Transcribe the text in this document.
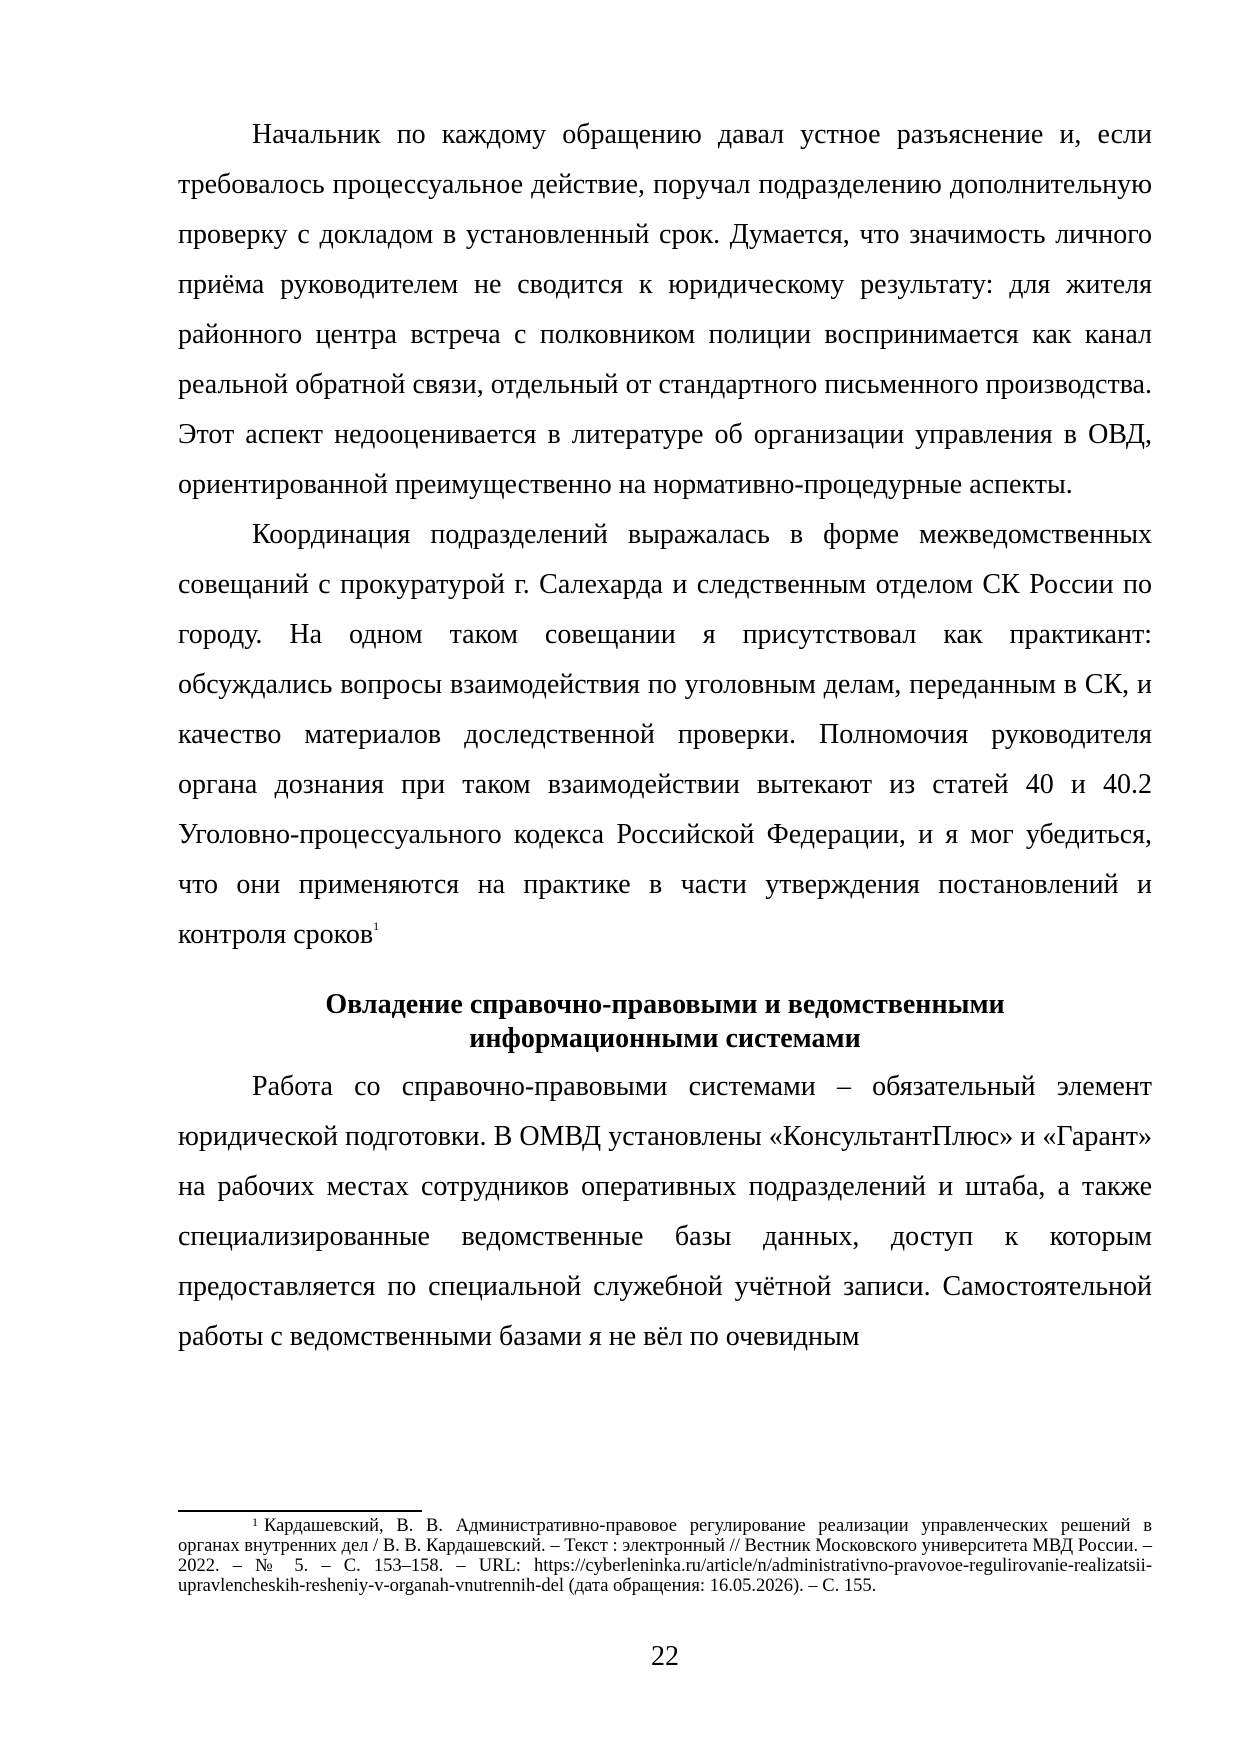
Начальник по каждому обращению давал устное разъяснение и, если требовалось процессуальное действие, поручал подразделению дополнительную проверку с докладом в установленный срок. Думается, что значимость личного приёма руководителем не сводится к юридическому результату: для жителя районного центра встреча с полковником полиции воспринимается как канал реальной обратной связи, отдельный от стандартного письменного производства. Этот аспект недооценивается в литературе об организации управления в ОВД, ориентированной преимущественно на нормативно-процедурные аспекты.

Координация подразделений выражалась в форме межведомственных совещаний с прокуратурой г. Салехарда и следственным отделом СК России по городу. На одном таком совещании я присутствовал как практикант: обсуждались вопросы взаимодействия по уголовным делам, переданным в СК, и качество материалов доследственной проверки. Полномочия руководителя органа дознания при таком взаимодействии вытекают из статей 40 и 40.2 Уголовно-процессуального кодекса Российской Федерации, и я мог убедиться, что они применяются на практике в части утверждения постановлений и контроля сроков$^1$

Овладение справочно-правовыми и ведомственными
информационными системами

Работа со справочно-правовыми системами – обязательный элемент юридической подготовки. В ОМВД установлены «КонсультантПлюс» и «Гарант» на рабочих местах сотрудников оперативных подразделений и штаба, а также специализированные ведомственные базы данных, доступ к которым предоставляется по специальной служебной учётной записи. Самостоятельной работы с ведомственными базами я не вёл по очевидным

$^1$ Кардашевский, В. В. Административно-правовое регулирование реализации управленческих решений в органах внутренних дел / В. В. Кардашевский. – Текст : электронный // Вестник Московского университета МВД России. – 2022. – № 5. – С. 153–158. – URL: https://cyberleninka.ru/article/n/administrativno-pravovoe-regulirovanie-realizatsii-upravlencheskih-resheniy-v-organah-vnutrennih-del (дата обращения: 16.05.2026). – С. 155.

22
